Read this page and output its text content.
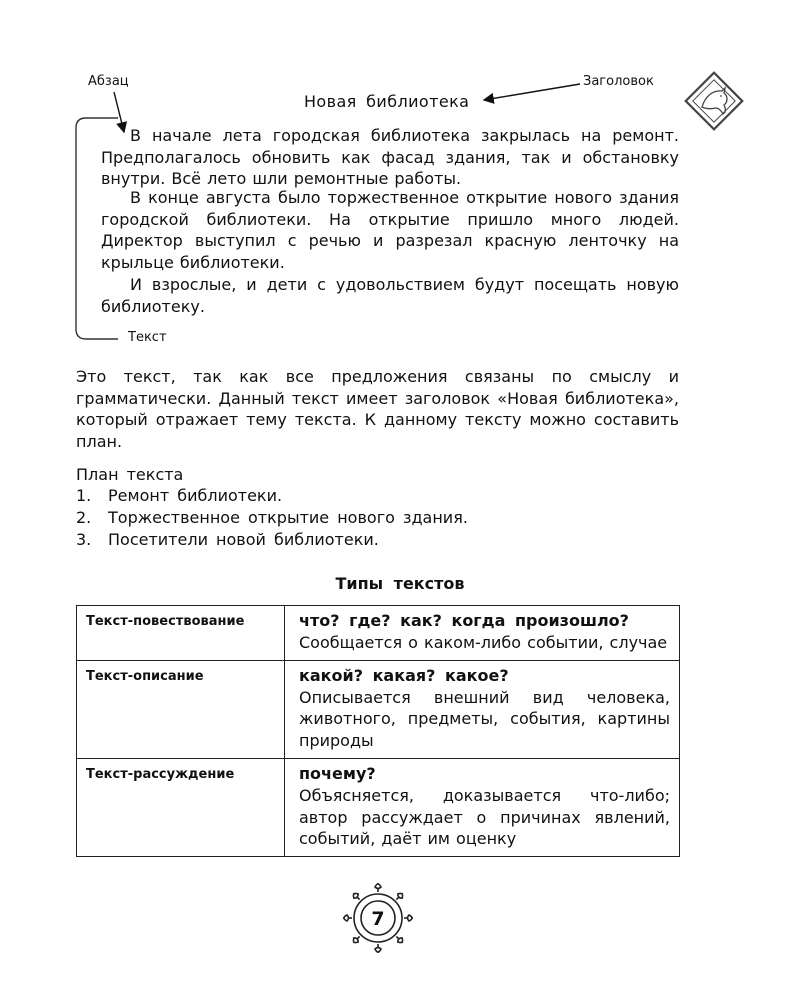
Абзац	Заголовок
Текст
Новая библиотека

В начале лета городская библиотека закрылась на ремонт. Предполагалось обновить как фасад здания, так и обстановку внутри. Всё лето шли ремонтные работы.

В конце августа было торжественное открытие нового здания городской библиотеки. На открытие пришло много людей. Директор выступил с речью и разрезал красную ленточку на крыльце библиотеки.

И взрослые, и дети с удовольствием будут посещать новую библиотеку.

Это текст, так как все предложения связаны по смыслу и грамматически. Данный текст имеет заголовок «Новая библиотека», который отражает тему текста. К данному тексту можно составить план.

План текста
1. Ремонт библиотеки.
2. Торжественное открытие нового здания.
3. Посетители новой библиотеки.
Типы текстов
Текст-повествование	что? где? как? когда произошло?
Сообщается о каком-либо событии, случае

Текст-описание	какой? какая? какое?
Описывается внешний вид человека, животного, предметы, события, картины природы

Текст-рассуждение	почему?
Объясняется, доказывается что-либо; автор рассуждает о причинах явлений, событий, даёт им оценку
7
